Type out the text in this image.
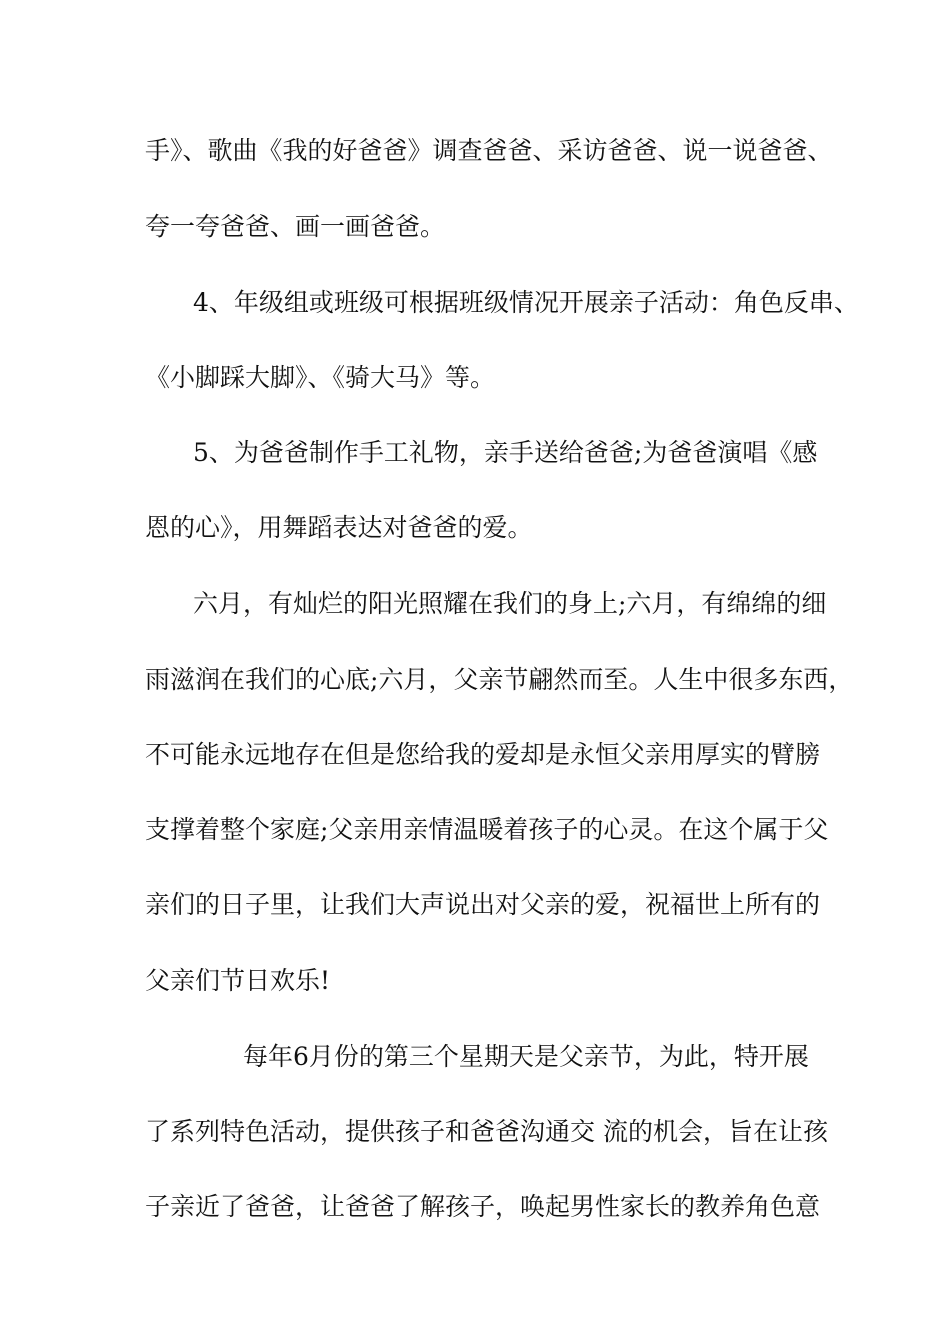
手》、歌曲《我的好爸爸》调查爸爸、采访爸爸、说一说爸爸、
夸一夸爸爸、画一画爸爸。
4、年级组或班级可根据班级情况开展亲子活动：角色反串、
《小脚踩大脚》、《骑大马》等。
5、为爸爸制作手工礼物，亲手送给爸爸;为爸爸演唱《感
恩的心》，用舞蹈表达对爸爸的爱。
六月，有灿烂的阳光照耀在我们的身上;六月，有绵绵的细
雨滋润在我们的心底;六月，父亲节翩然而至。人生中很多东西，
不可能永远地存在但是您给我的爱却是永恒父亲用厚实的臂膀
支撑着整个家庭;父亲用亲情温暖着孩子的心灵。在这个属于父
亲们的日子里，让我们大声说出对父亲的爱，祝福世上所有的
父亲们节日欢乐!
每年6月份的第三个星期天是父亲节，为此，特开展
了系列特色活动，提供孩子和爸爸沟通交 流的机会，旨在让孩
子亲近了爸爸，让爸爸了解孩子，唤起男性家长的教养角色意
